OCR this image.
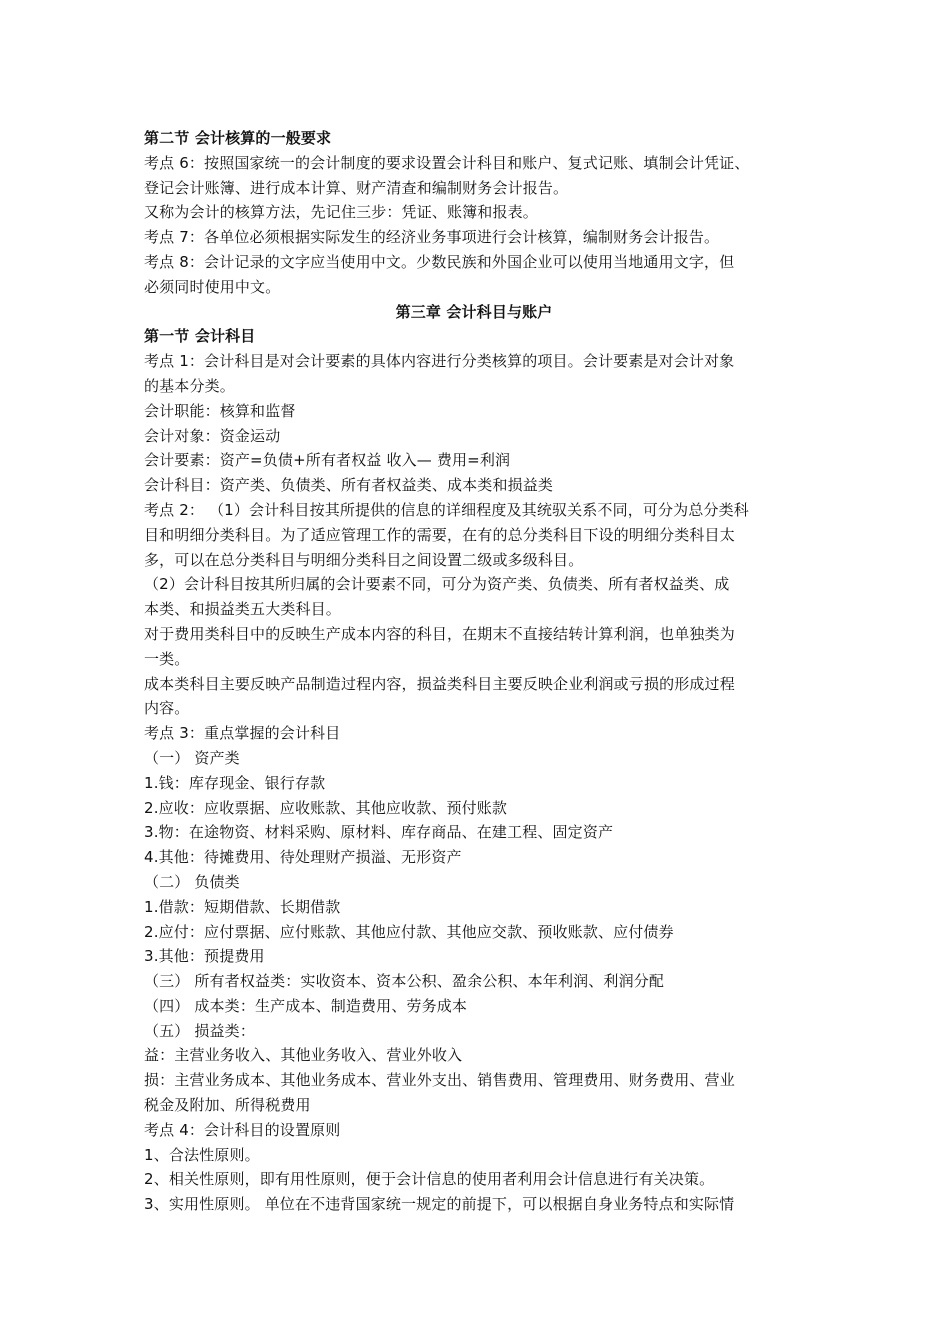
第二节 会计核算的一般要求
考点 6：按照国家统一的会计制度的要求设置会计科目和账户、复式记账、填制会计凭证、
登记会计账簿、进行成本计算、财产清查和编制财务会计报告。
又称为会计的核算方法，先记住三步：凭证、账簿和报表。
考点 7：各单位必须根据实际发生的经济业务事项进行会计核算，编制财务会计报告。
考点 8：会计记录的文字应当使用中文。少数民族和外国企业可以使用当地通用文字，但
必须同时使用中文。
第三章 会计科目与账户
第一节 会计科目
考点 1：会计科目是对会计要素的具体内容进行分类核算的项目。会计要素是对会计对象
的基本分类。
会计职能：核算和监督
会计对象：资金运动
会计要素：资产=负债+所有者权益 收入— 费用=利润
会计科目：资产类、负债类、所有者权益类、成本类和损益类
考点 2： （1）会计科目按其所提供的信息的详细程度及其统驭关系不同，可分为总分类科
目和明细分类科目。为了适应管理工作的需要，在有的总分类科目下设的明细分类科目太
多，可以在总分类科目与明细分类科目之间设置二级或多级科目。
（2）会计科目按其所归属的会计要素不同，可分为资产类、负债类、所有者权益类、成
本类、和损益类五大类科目。
对于费用类科目中的反映生产成本内容的科目，在期末不直接结转计算利润，也单独类为
一类。
成本类科目主要反映产品制造过程内容，损益类科目主要反映企业利润或亏损的形成过程
内容。
考点 3：重点掌握的会计科目
（一） 资产类
1.钱：库存现金、银行存款
2.应收：应收票据、应收账款、其他应收款、预付账款
3.物：在途物资、材料采购、原材料、库存商品、在建工程、固定资产
4.其他：待摊费用、待处理财产损溢、无形资产
（二） 负债类
1.借款：短期借款、长期借款
2.应付：应付票据、应付账款、其他应付款、其他应交款、预收账款、应付债券
3.其他：预提费用
（三） 所有者权益类：实收资本、资本公积、盈余公积、本年利润、利润分配
（四） 成本类：生产成本、制造费用、劳务成本
（五） 损益类：
益：主营业务收入、其他业务收入、营业外收入
损：主营业务成本、其他业务成本、营业外支出、销售费用、管理费用、财务费用、营业
税金及附加、所得税费用
考点 4：会计科目的设置原则
1、合法性原则。
2、相关性原则，即有用性原则，便于会计信息的使用者利用会计信息进行有关决策。
3、实用性原则。 单位在不违背国家统一规定的前提下，可以根据自身业务特点和实际情
